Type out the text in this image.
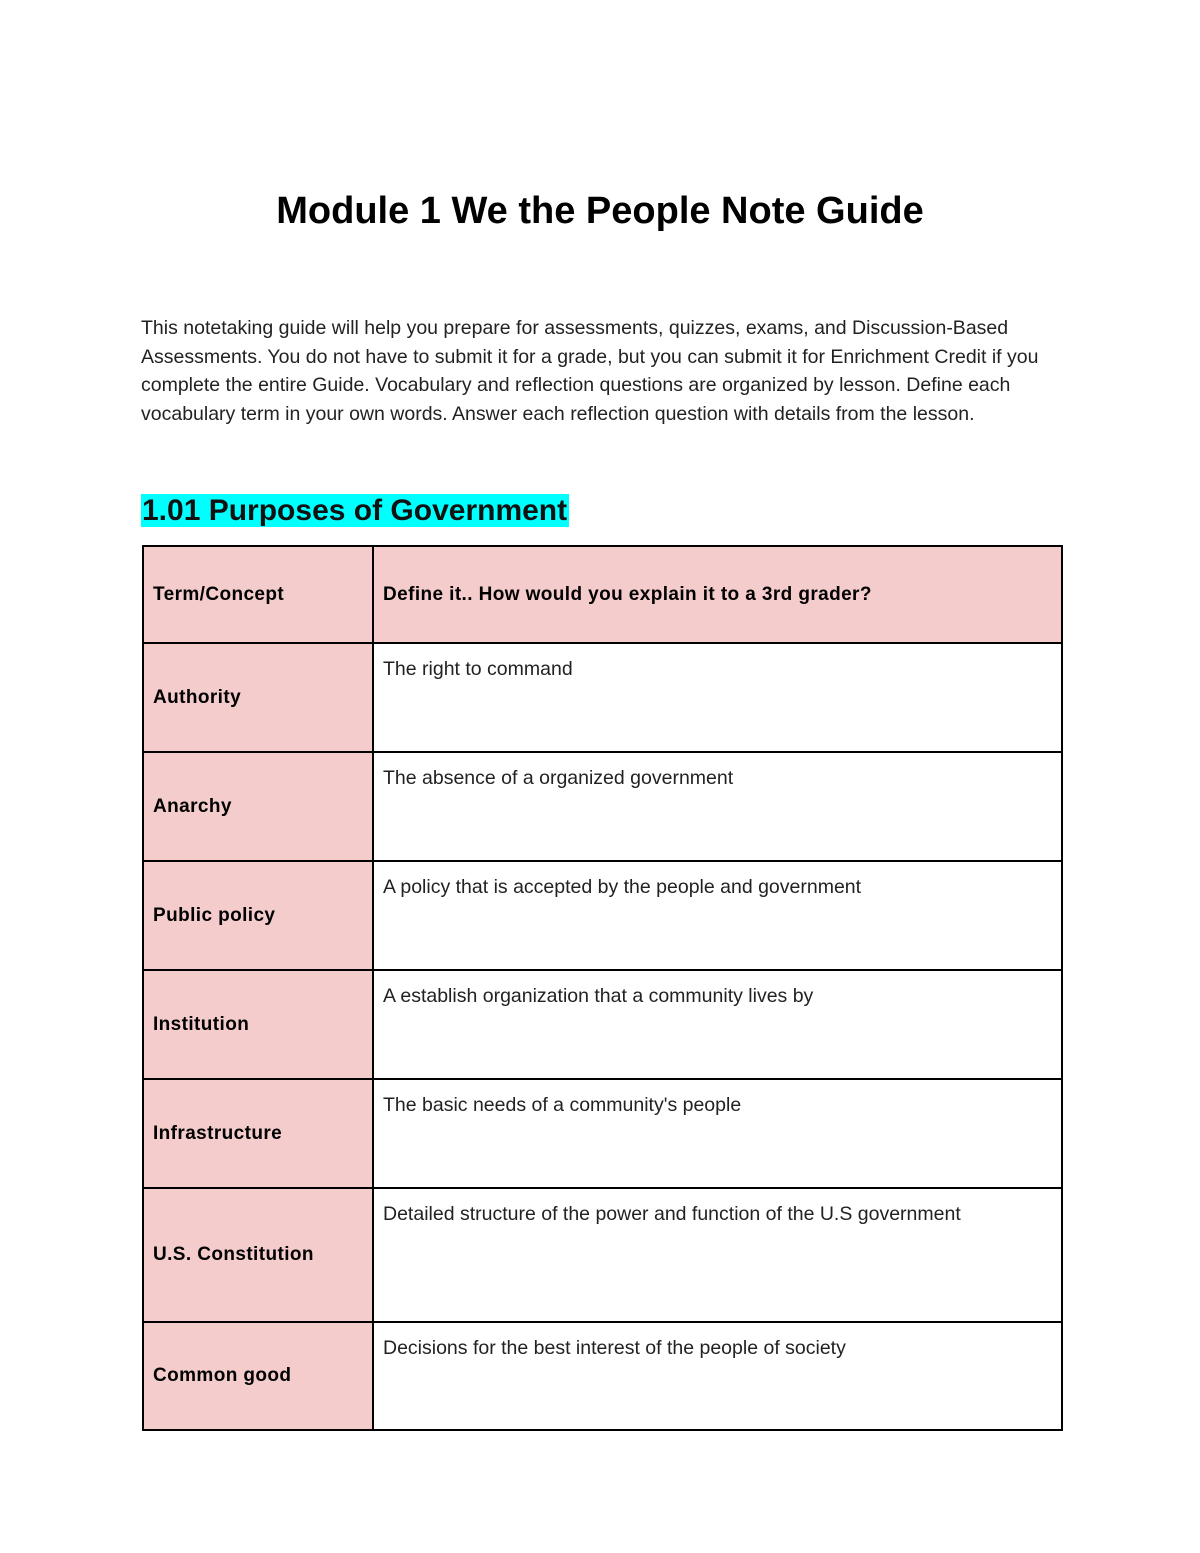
Module 1 We the People Note Guide

This notetaking guide will help you prepare for assessments, quizzes, exams, and Discussion-Based Assessments. You do not have to submit it for a grade, but you can submit it for Enrichment Credit if you complete the entire Guide. Vocabulary and reflection questions are organized by lesson. Define each vocabulary term in your own words. Answer each reflection question with details from the lesson.

1.01 Purposes of Government
Term/Concept	Define it.. How would you explain it to a 3rd grader?
Authority	The right to command
Anarchy	The absence of a organized government
Public policy	A policy that is accepted by the people and government
Institution	A establish organization that a community lives by
Infrastructure	The basic needs of a community's people
U.S. Constitution	Detailed structure of the power and function of the U.S government
Common good	Decisions for the best interest of the people of society
